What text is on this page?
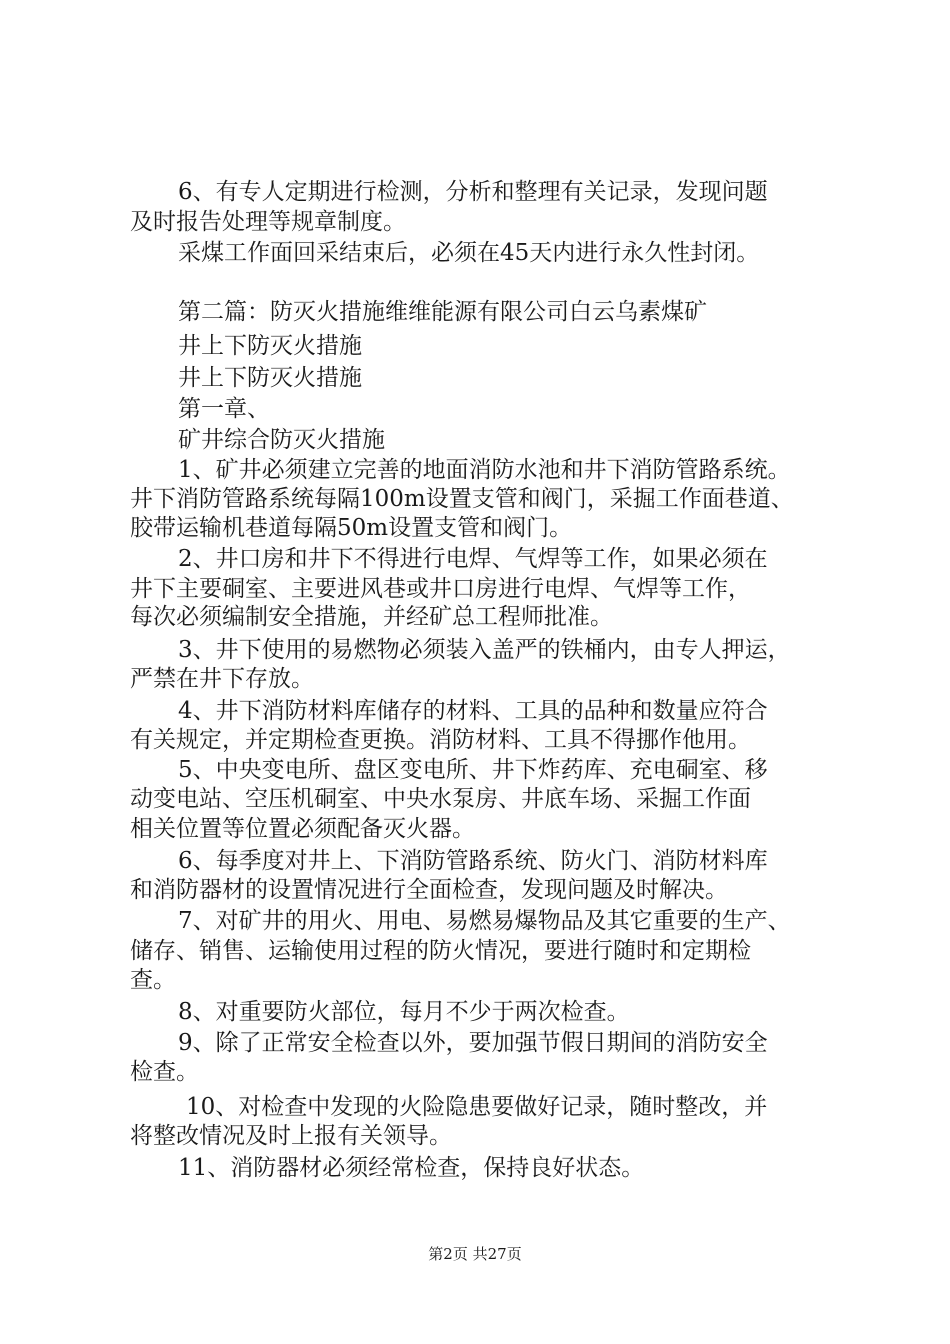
6、有专人定期进行检测，分析和整理有关记录，发现问题
及时报告处理等规章制度。
采煤工作面回采结束后，必须在45天内进行永久性封闭。
第二篇：防灭火措施维维能源有限公司白云乌素煤矿
井上下防灭火措施
井上下防灭火措施
第一章、
矿井综合防灭火措施
1、矿井必须建立完善的地面消防水池和井下消防管路系统。
井下消防管路系统每隔100m设置支管和阀门，采掘工作面巷道、
胶带运输机巷道每隔50m设置支管和阀门。
2、井口房和井下不得进行电焊、气焊等工作，如果必须在
井下主要硐室、主要进风巷或井口房进行电焊、气焊等工作，
每次必须编制安全措施，并经矿总工程师批准。
3、井下使用的易燃物必须装入盖严的铁桶内，由专人押运，
严禁在井下存放。
4、井下消防材料库储存的材料、工具的品种和数量应符合
有关规定，并定期检查更换。消防材料、工具不得挪作他用。
5、中央变电所、盘区变电所、井下炸药库、充电硐室、移
动变电站、空压机硐室、中央水泵房、井底车场、采掘工作面
相关位置等位置必须配备灭火器。
6、每季度对井上、下消防管路系统、防火门、消防材料库
和消防器材的设置情况进行全面检查，发现问题及时解决。
7、对矿井的用火、用电、易燃易爆物品及其它重要的生产、
储存、销售、运输使用过程的防火情况，要进行随时和定期检
查。
8、对重要防火部位，每月不少于两次检查。
9、除了正常安全检查以外，要加强节假日期间的消防安全
检查。
10、对检查中发现的火险隐患要做好记录，随时整改，并
将整改情况及时上报有关领导。
11、消防器材必须经常检查，保持良好状态。
第2页 共27页
